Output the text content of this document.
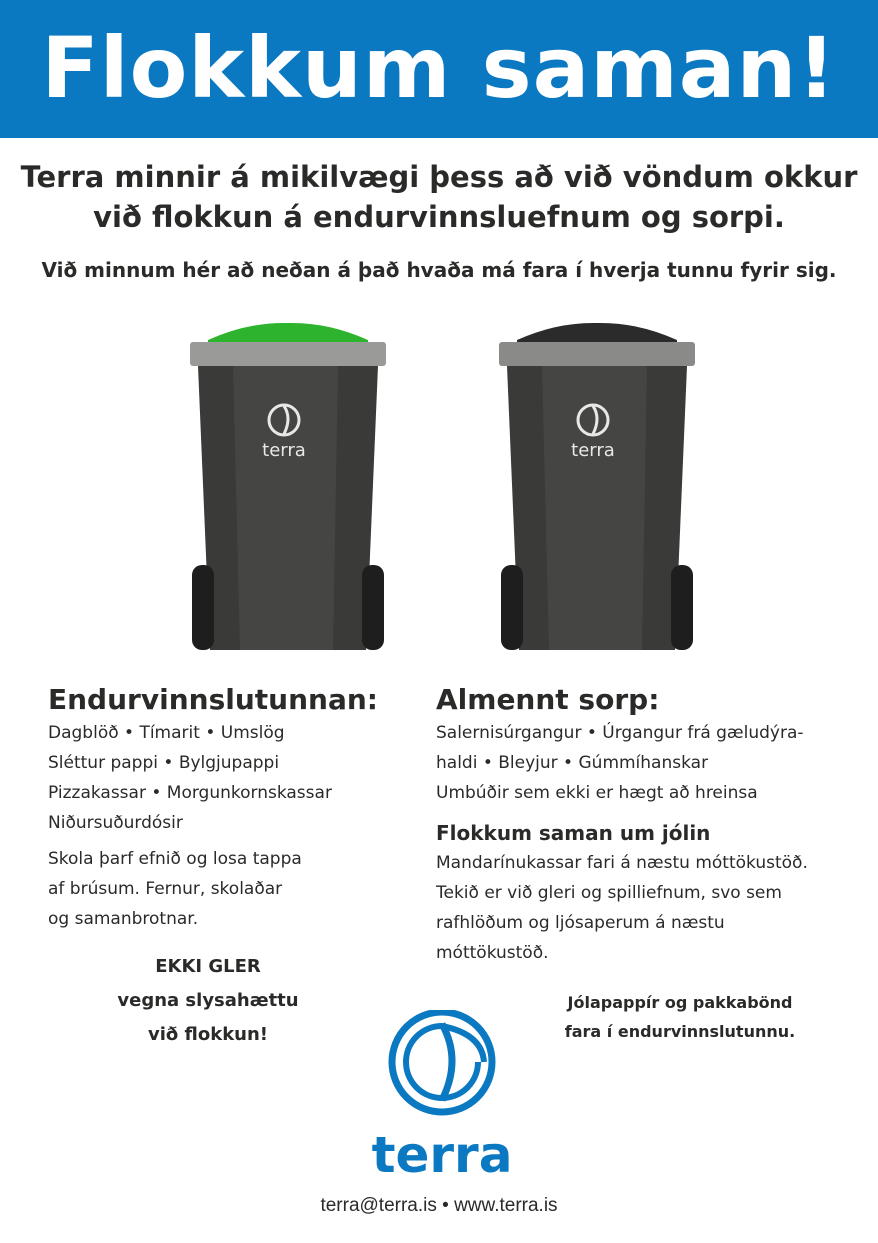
Flokkum saman!
Terra minnir á mikilvægi þess að við vöndum okkur
við flokkun á endurvinnsluefnum og sorpi.
Við minnum hér að neðan á það hvaða má fara í hverja tunnu fyrir sig.
terra	terra
Endurvinnslutunnan:

Dagblöð • Tímarit • Umslög

Sléttur pappi • Bylgjupappi

Pizzakassar • Morgunkornskassar

Niðursuðurdósir

Skola þarf efnið og losa tappa

af brúsum. Fernur, skolaðar

og samanbrotnar.

EKKI GLER
vegna slysahættu
við flokkun!
Almennt sorp:

Salernisúrgangur • Úrgangur frá gæludýra-

haldi • Bleyjur • Gúmmíhanskar

Umbúðir sem ekki er hægt að hreinsa

Flokkum saman um jólin

Mandarínukassar fari á næstu móttökustöð.

Tekið er við gleri og spilliefnum, svo sem

rafhlöðum og ljósaperum á næstu

móttökustöð.

Jólapappír og pakkabönd
fara í endurvinnslutunnu.
terra
terra@terra.is • www.terra.is
